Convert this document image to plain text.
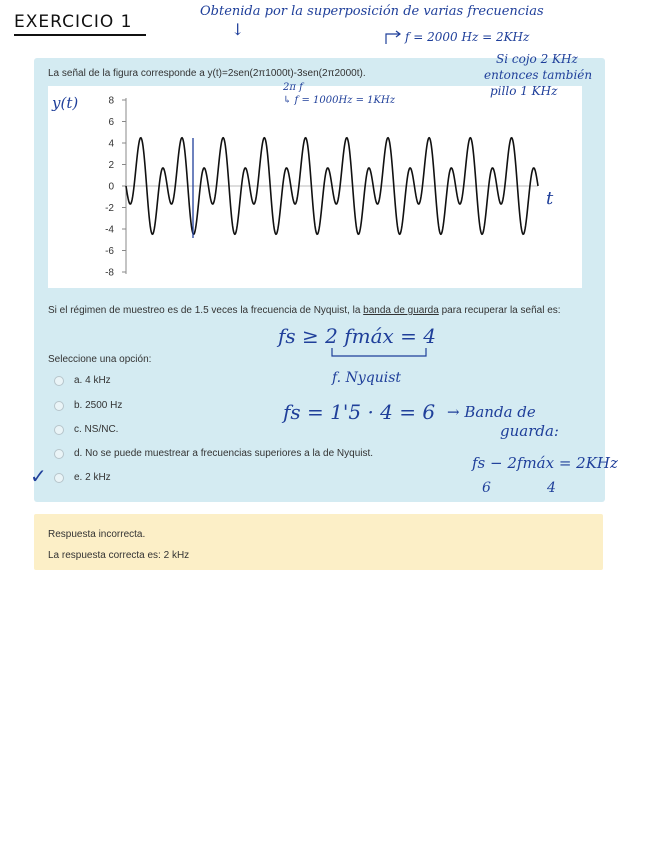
EXERCICIO 1
La señal de la figura corresponde a y(t)=2sen(2π1000t)-3sen(2π2000t).
8
6
4
2
0
-2
-4
-6
-8
Si el régimen de muestreo es de 1.5 veces la frecuencia de Nyquist, la banda de guarda para recuperar la señal es:
Seleccione una opción:
a. 4 kHz
b. 2500 Hz
c. NS/NC.
d. No se puede muestrear a frecuencias superiores a la de Nyquist.
e. 2 kHz
Respuesta incorrecta.
La respuesta correcta es: 2 kHz
Obtenida por la superposición de varias frecuencias
↓	f = 2000 Hz = 2KHz
Si cojo 2 KHz
entonces también
pillo 1 KHz
2π f
↳ f = 1000Hz = 1KHz
y(t)
t
fs ≥ 2 fmáx = 4
f. Nyquist
fs = 1'5 · 4 = 6 → Banda de
guarda:
fs − 2fmáx = 2KHz
6	4
✓
